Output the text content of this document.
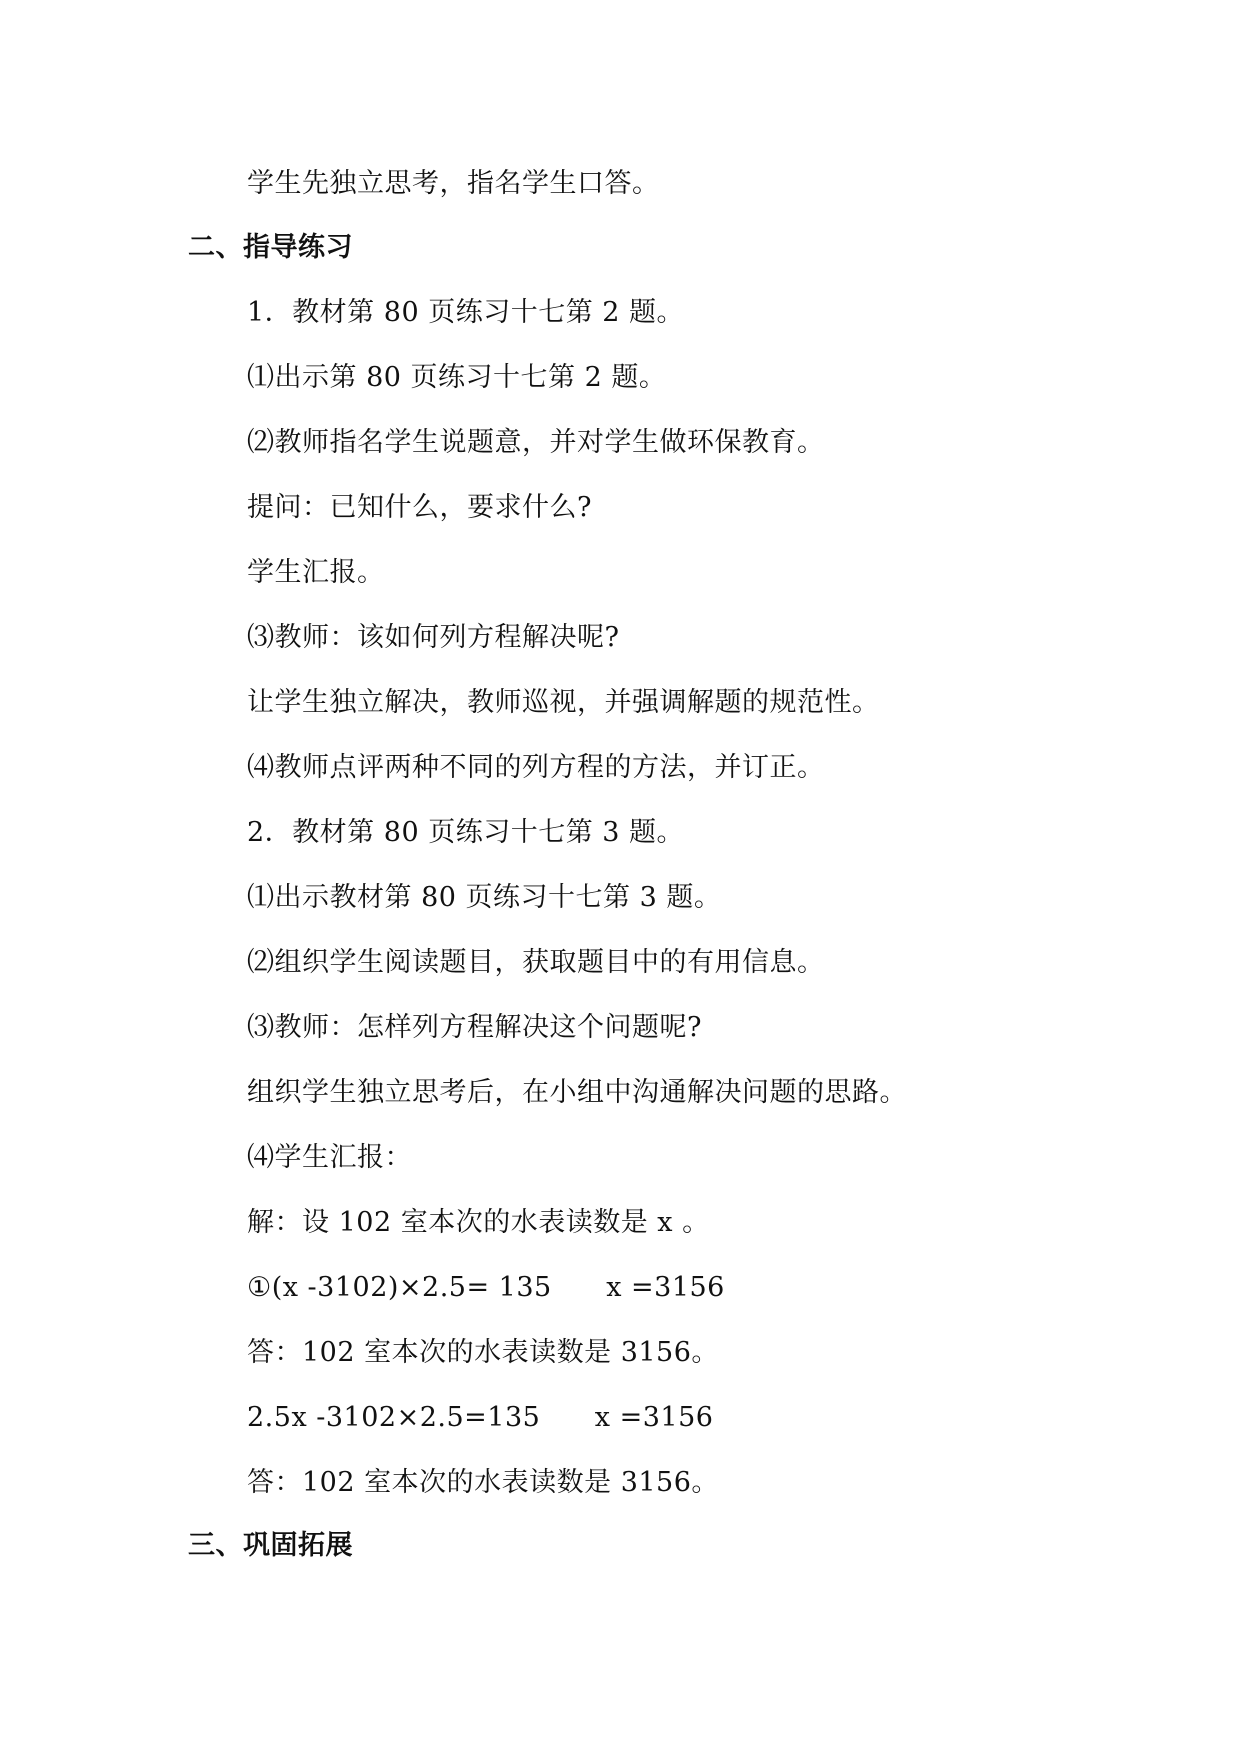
学生先独立思考，指名学生口答。
二、指导练习
1．教材第 80 页练习十七第 2 题。
⑴出示第 80 页练习十七第 2 题。
⑵教师指名学生说题意，并对学生做环保教育。
提问：已知什么，要求什么?
学生汇报。
⑶教师：该如何列方程解决呢?
让学生独立解决，教师巡视，并强调解题的规范性。
⑷教师点评两种不同的列方程的方法，并订正。
2．教材第 80 页练习十七第 3 题。
⑴出示教材第 80 页练习十七第 3 题。
⑵组织学生阅读题目，获取题目中的有用信息。
⑶教师：怎样列方程解决这个问题呢?
组织学生独立思考后，在小组中沟通解决问题的思路。
⑷学生汇报：
解：设 102 室本次的水表读数是 x 。
①(x -3102)×2.5= 135      x =3156
答：102 室本次的水表读数是 3156。
2.5x -3102×2.5=135      x =3156
答：102 室本次的水表读数是 3156。
三、巩固拓展
